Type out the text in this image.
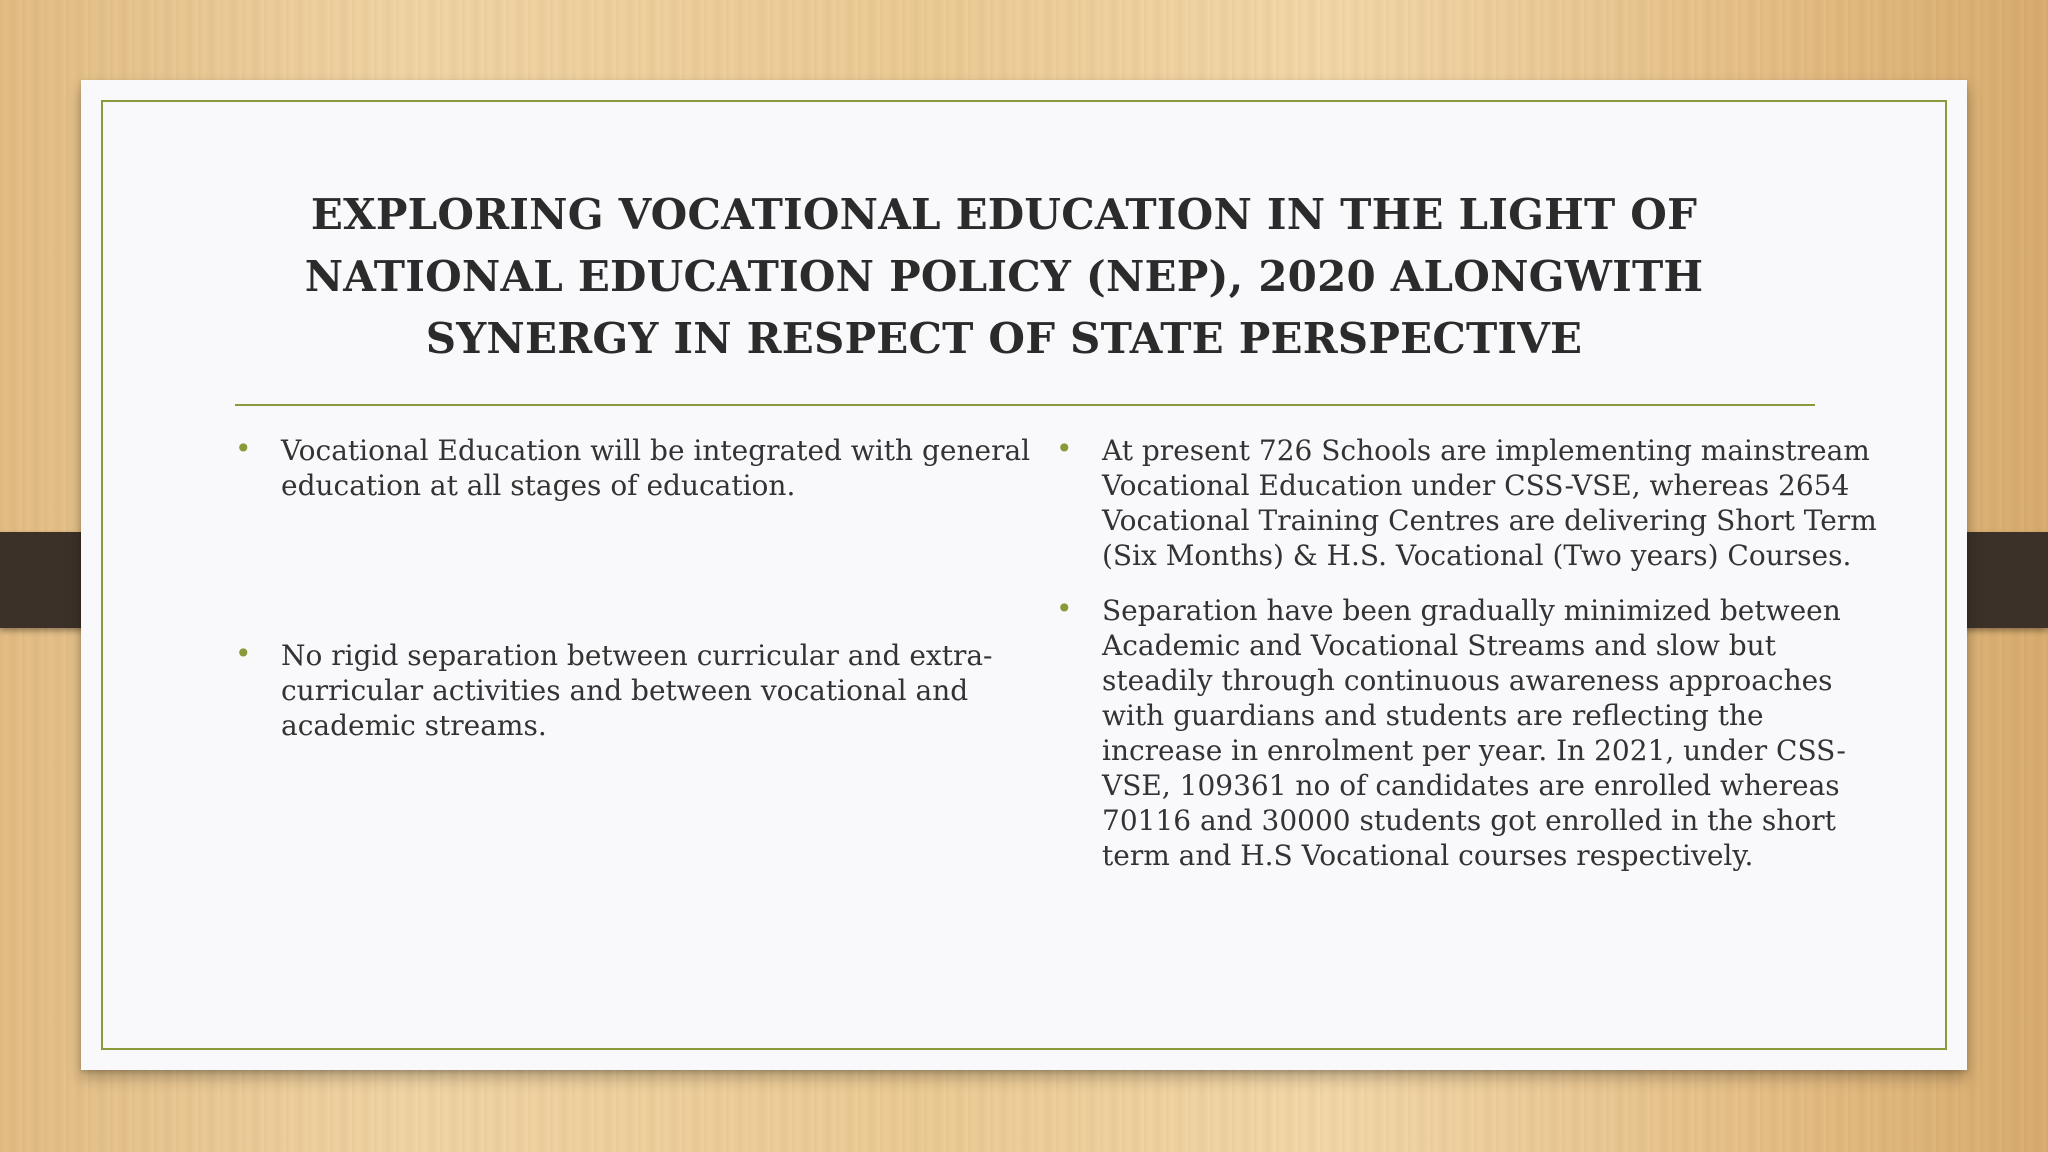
EXPLORING VOCATIONAL EDUCATION IN THE LIGHT OF NATIONAL EDUCATION POLICY (NEP), 2020 ALONGWITH SYNERGY IN RESPECT OF STATE PERSPECTIVE
• Vocational Education will be integrated with general education at all stages of education.
• No rigid separation between curricular and extra-curricular activities and between vocational and academic streams.
• At present 726 Schools are implementing mainstream Vocational Education under CSS-VSE, whereas 2654 Vocational Training Centres are delivering Short Term (Six Months) & H.S. Vocational (Two years) Courses.
• Separation have been gradually minimized between Academic and Vocational Streams and slow but steadily through continuous awareness approaches with guardians and students are reflecting the increase in enrolment per year. In 2021, under CSS-VSE, 109361 no of candidates are enrolled whereas 70116 and 30000 students got enrolled in the short term and H.S Vocational courses respectively.
